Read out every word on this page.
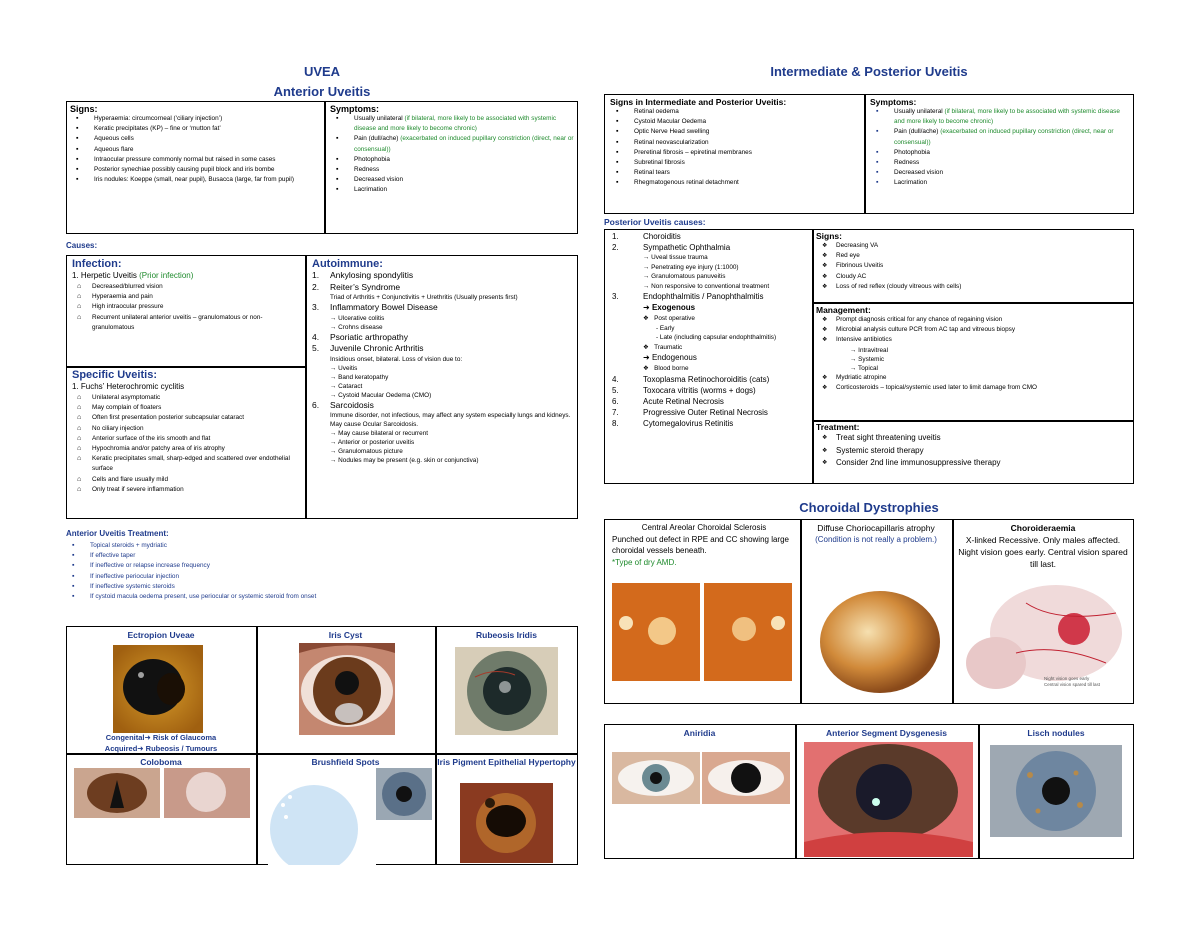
UVEA
Anterior Uveitis
Signs:
▪ Hyperaemia: circumcorneal (‘ciliary injection’)
▪ Keratic precipitates (KP) – fine or ‘mutton fat’
▪ Aqueous cells
▪ Aqueous flare
▪ Intraocular pressure commonly normal but raised in some cases
▪ Posterior synechiae possibly causing pupil block and iris bombe
▪ Iris nodules: Koeppe (small, near pupil), Busacca (large, far from pupil)
Symptoms:
▪ Usually unilateral (if bilateral, more likely to be associated with systemic disease and more likely to become chronic)
▪ Pain (dull/ache) (exacerbated on induced pupillary constriction (direct, near or consensual))
▪ Photophobia
▪ Redness
▪ Decreased vision
▪ Lacrimation
Causes:
Infection:
1. Herpetic Uveitis (Prior infection)
⌂ Decreased/blurred vision
⌂ Hyperaemia and pain
⌂ High intraocular pressure
⌂ Recurrent unilateral anterior uveitis – granulomatous or non-granulomatous
Specific Uveitis:
1. Fuchs’ Heterochromic cyclitis
⌂ Unilateral asymptomatic
⌂ May complain of floaters
⌂ Often first presentation posterior subcapsular cataract
⌂ No ciliary injection
⌂ Anterior surface of the iris smooth and flat
⌂ Hypochromia and/or patchy area of iris atrophy
⌂ Keratic precipitates small, sharp-edged and scattered over endothelial surface
⌂ Cells and flare usually mild
⌂ Only treat if severe inflammation
Autoimmune:
1. Ankylosing spondylitis
2. Reiter’s Syndrome
Triad of Arthritis + Conjunctivitis + Urethritis (Usually presents first)
3. Inflammatory Bowel Disease
→ Ulcerative colitis
→ Crohns disease
4. Psoriatic arthropathy
5. Juvenile Chronic Arthritis
Insidious onset, bilateral. Loss of vision due to:
→ Uveitis
→ Band keratopathy
→ Cataract
→ Cystoid Macular Oedema (CMO)
6. Sarcoidosis
Immune disorder, not infectious, may affect any system especially lungs and kidneys. May cause Ocular Sarcoidosis.
→ May cause bilateral or recurrent
→ Anterior or posterior uveitis
→ Granulomatous picture
→ Nodules may be present (e.g. skin or conjunctiva)
Anterior Uveitis Treatment:
▪ Topical steroids + mydriatic
▪ If effective taper
▪ If ineffective or relapse increase frequency
▪ If ineffective periocular injection
▪ If ineffective systemic steroids
▪ If cystoid macula oedema present, use periocular or systemic steroid from onset
Ectropion Uveae	Iris Cyst	Rubeosis Iridis
Congenital➜ Risk of Glaucoma
Acquired➜ Rubeosis / Tumours
Coloboma	Brushfield Spots	Iris Pigment Epithelial Hypertophy
Intermediate & Posterior Uveitis
Signs in Intermediate and Posterior Uveitis:
▪ Retinal oedema
▪ Cystoid Macular Oedema
▪ Optic Nerve Head swelling
▪ Retinal neovascularization
▪ Preretinal fibrosis – epiretinal membranes
▪ Subretinal fibrosis
▪ Retinal tears
▪ Rhegmatogenous retinal detachment
Symptoms:
▪ Usually unilateral (if bilateral, more likely to be associated with systemic disease and more likely to become chronic)
▪ Pain (dull/ache) (exacerbated on induced pupillary constriction (direct, near or consensual))
▪ Photophobia
▪ Redness
▪ Decreased vision
▪ Lacrimation
Posterior Uveitis causes:
1.	Choroiditis
2.	Sympathetic Ophthalmia
→ Uveal tissue trauma
→ Penetrating eye injury (1:1000)
→ Granulomatous panuveitis
→ Non responsive to conventional treatment
3.	Endophthalmitis / Panophthalmitis
➜ Exogenous
❖   Post operative
- Early
- Late (including capsular endophthalmitis)
❖   Traumatic
➜ Endogenous
❖   Blood borne
4.	Toxoplasma Retinochoroiditis (cats)
5.	Toxocara vitritis (worms + dogs)
6.	Acute Retinal Necrosis
7.	Progressive Outer Retinal Necrosis
8.	Cytomegalovirus Retinitis
Signs:
❖ Decreasing VA
❖ Red eye
❖ Fibrinous Uveitis
❖ Cloudy AC
❖ Loss of red reflex (cloudy vitreous with cells)
Management:
❖ Prompt diagnosis critical for any chance of regaining vision
❖ Microbial analysis culture PCR from AC tap and vitreous biopsy
❖ Intensive antibiotics
→ Intravitreal
→ Systemic
→ Topical
❖ Mydriatic atropine
❖ Corticosteroids – topical/systemic used later to limit damage from CMO
Treatment:
❖ Treat sight threatening uveitis
❖ Systemic steroid therapy
❖ Consider 2nd line immunosuppressive therapy
Choroidal Dystrophies
Central Areolar Choroidal Sclerosis
Punched out defect in RPE and CC showing large choroidal vessels beneath.
*Type of dry AMD.
Diffuse Choriocapillaris atrophy
(Condition is not really a problem.)
Choroideraemia
X-linked Recessive. Only males affected. Night vision goes early. Central vision spared till last.
Night vision goes early
Central vision spared till last
Aniridia	Anterior Segment Dysgenesis	Lisch nodules
